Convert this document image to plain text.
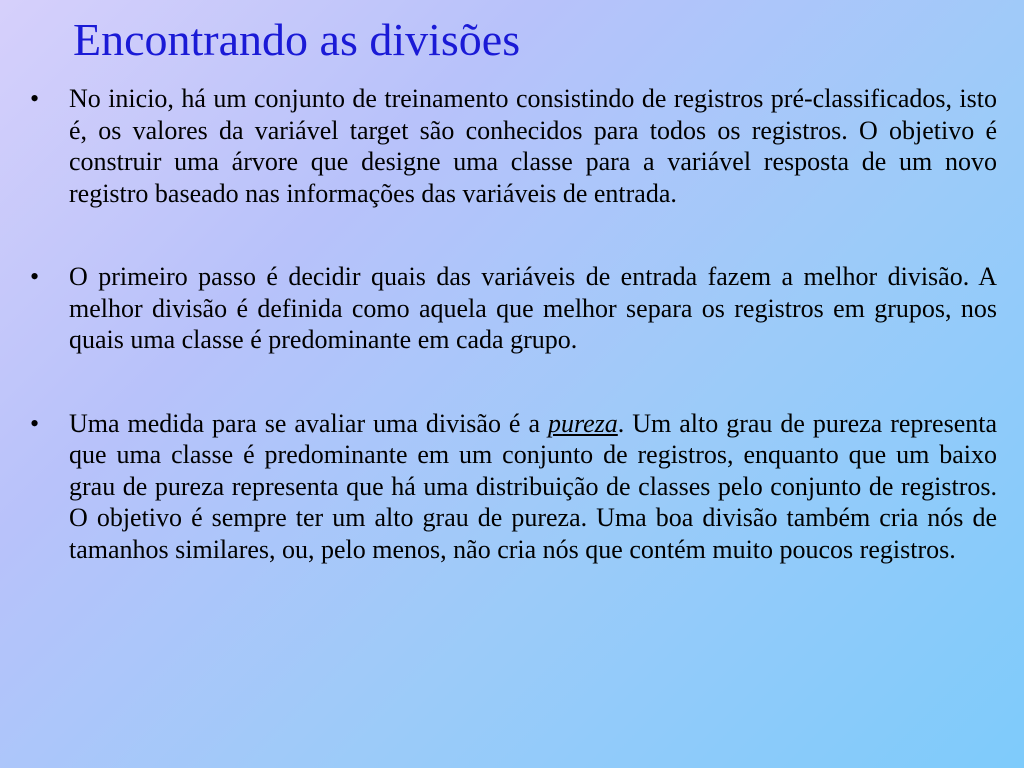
Encontrando as divisões
•	No inicio, há um conjunto de treinamento consistindo de registros pré-classificados, isto é, os valores da variável target são conhecidos para todos os registros. O objetivo é construir uma árvore que designe uma classe para a variável resposta de um novo registro baseado nas informações das variáveis de entrada.
•	O primeiro passo é decidir quais das variáveis de entrada fazem a melhor divisão. A melhor divisão é definida como aquela que melhor separa os registros em grupos, nos quais uma classe é predominante em cada grupo.
•	Uma medida para se avaliar uma divisão é a pureza. Um alto grau de pureza representa que uma classe é predominante em um conjunto de registros, enquanto que um baixo grau de pureza representa que há uma distribuição de classes pelo conjunto de registros. O objetivo é sempre ter um alto grau de pureza. Uma boa divisão também cria nós de tamanhos similares, ou, pelo menos, não cria nós que contém muito poucos registros.
